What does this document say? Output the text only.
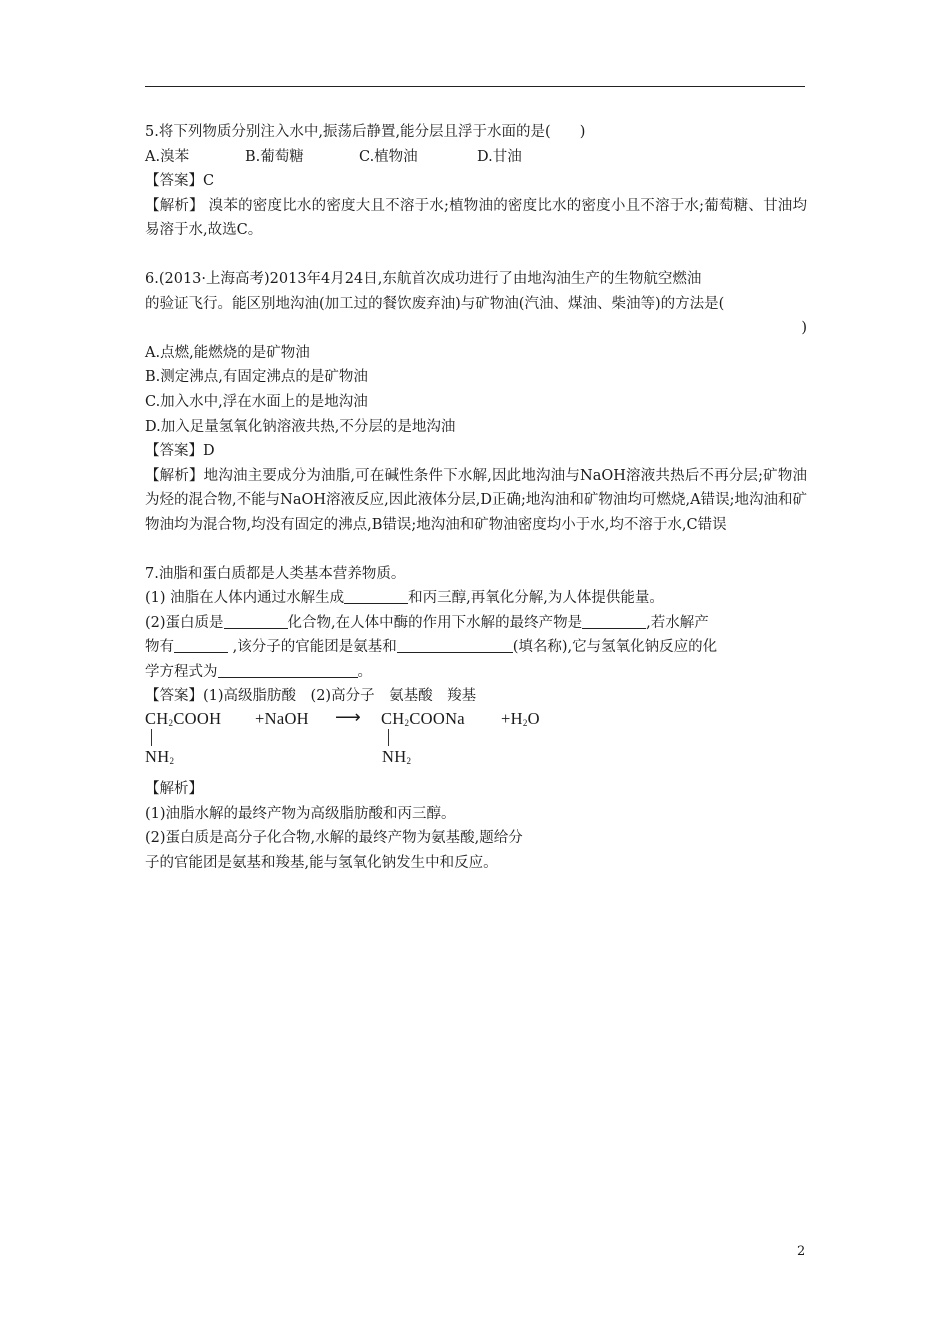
5.将下列物质分别注入水中,振荡后静置,能分层且浮于水面的是(　　)

A.溴苯	B.葡萄糖	C.植物油	D.甘油

【答案】C

【解析】 溴苯的密度比水的密度大且不溶于水;植物油的密度比水的密度小且不溶于水;葡萄糖、甘油均易溶于水,故选C。

6.(2013·上海高考)2013年4月24日,东航首次成功进行了由地沟油生产的生物航空燃油

的验证飞行。能区别地沟油(加工过的餐饮废弃油)与矿物油(汽油、煤油、柴油等)的方法是(

)

A.点燃,能燃烧的是矿物油

B.测定沸点,有固定沸点的是矿物油

C.加入水中,浮在水面上的是地沟油

D.加入足量氢氧化钠溶液共热,不分层的是地沟油

【答案】D

【解析】地沟油主要成分为油脂,可在碱性条件下水解,因此地沟油与NaOH溶液共热后不再分层;矿物油为烃的混合物,不能与NaOH溶液反应,因此液体分层,D正确;地沟油和矿物油均可燃烧,A错误;地沟油和矿物油均为混合物,均没有固定的沸点,B错误;地沟油和矿物油密度均小于水,均不溶于水,C错误

7.油脂和蛋白质都是人类基本营养物质。

(1) 油脂在人体内通过水解生成	和丙三醇,再氧化分解,为人体提供能量。

(2)蛋白质是	化合物,在人体中酶的作用下水解的最终产物是	,若水解产

物有	,该分子的官能团是氨基和	(填名称),它与氢氧化钠反应的化

学方程式为	。

【答案】(1)高级脂肪酸　(2)高分子　氨基酸　羧基

$CH_2COOH$ +NaOH ⟶ $CH_2COONa +H_2O$
$NH_2$	$NH_2$

【解析】

(1)油脂水解的最终产物为高级脂肪酸和丙三醇。

(2)蛋白质是高分子化合物,水解的最终产物为氨基酸,题给分

子的官能团是氨基和羧基,能与氢氧化钠发生中和反应。

2
